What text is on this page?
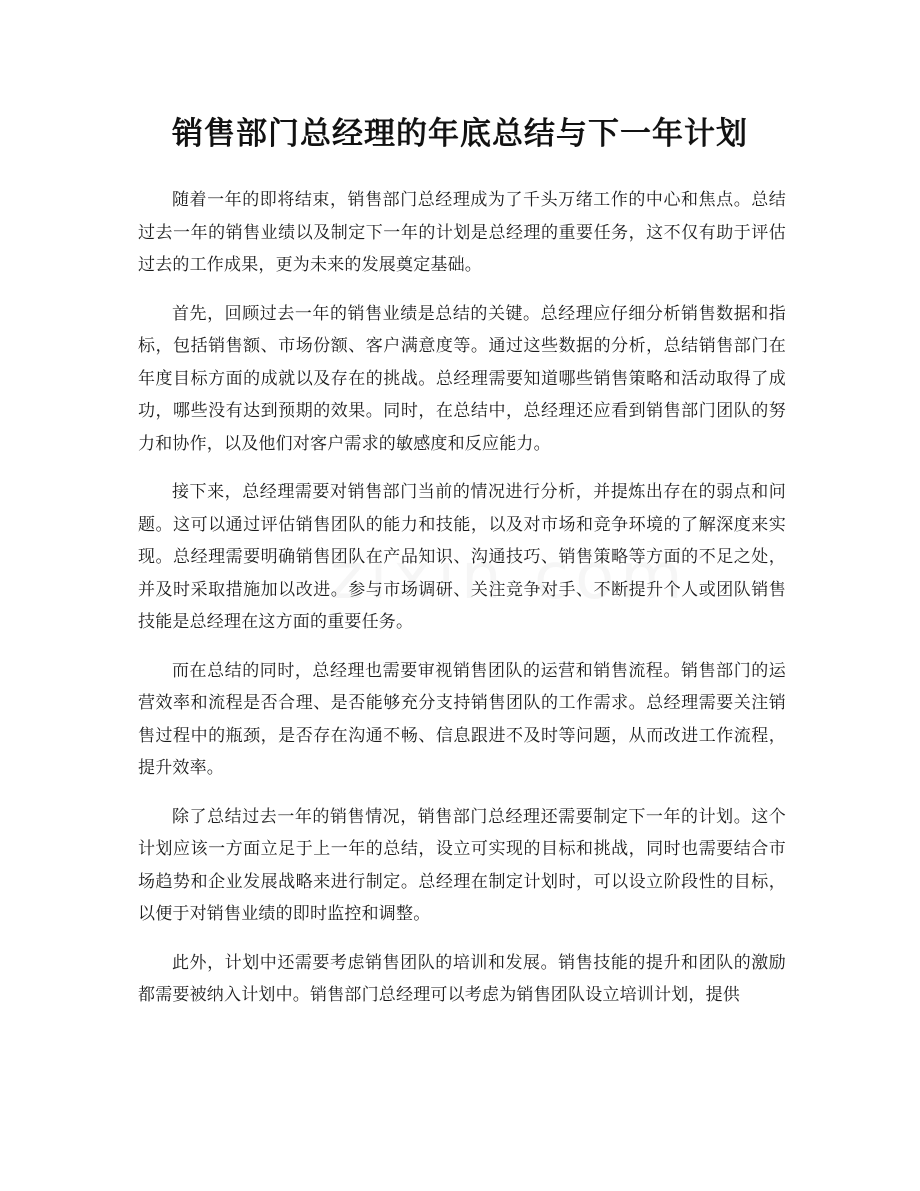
销售部门总经理的年底总结与下一年计划

随着一年的即将结束，销售部门总经理成为了千头万绪工作的中心和焦点。总结过去一年的销售业绩以及制定下一年的计划是总经理的重要任务，这不仅有助于评估过去的工作成果，更为未来的发展奠定基础。

首先，回顾过去一年的销售业绩是总结的关键。总经理应仔细分析销售数据和指标，包括销售额、市场份额、客户满意度等。通过这些数据的分析，总结销售部门在年度目标方面的成就以及存在的挑战。总经理需要知道哪些销售策略和活动取得了成功，哪些没有达到预期的效果。同时，在总结中，总经理还应看到销售部门团队的努力和协作，以及他们对客户需求的敏感度和反应能力。

接下来，总经理需要对销售部门当前的情况进行分析，并提炼出存在的弱点和问题。这可以通过评估销售团队的能力和技能，以及对市场和竞争环境的了解深度来实现。总经理需要明确销售团队在产品知识、沟通技巧、销售策略等方面的不足之处，并及时采取措施加以改进。参与市场调研、关注竞争对手、不断提升个人或团队销售技能是总经理在这方面的重要任务。

而在总结的同时，总经理也需要审视销售团队的运营和销售流程。销售部门的运营效率和流程是否合理、是否能够充分支持销售团队的工作需求。总经理需要关注销售过程中的瓶颈，是否存在沟通不畅、信息跟进不及时等问题，从而改进工作流程，提升效率。

除了总结过去一年的销售情况，销售部门总经理还需要制定下一年的计划。这个计划应该一方面立足于上一年的总结，设立可实现的目标和挑战，同时也需要结合市场趋势和企业发展战略来进行制定。总经理在制定计划时，可以设立阶段性的目标，以便于对销售业绩的即时监控和调整。

此外，计划中还需要考虑销售团队的培训和发展。销售技能的提升和团队的激励都需要被纳入计划中。销售部门总经理可以考虑为销售团队设立培训计划，提供
